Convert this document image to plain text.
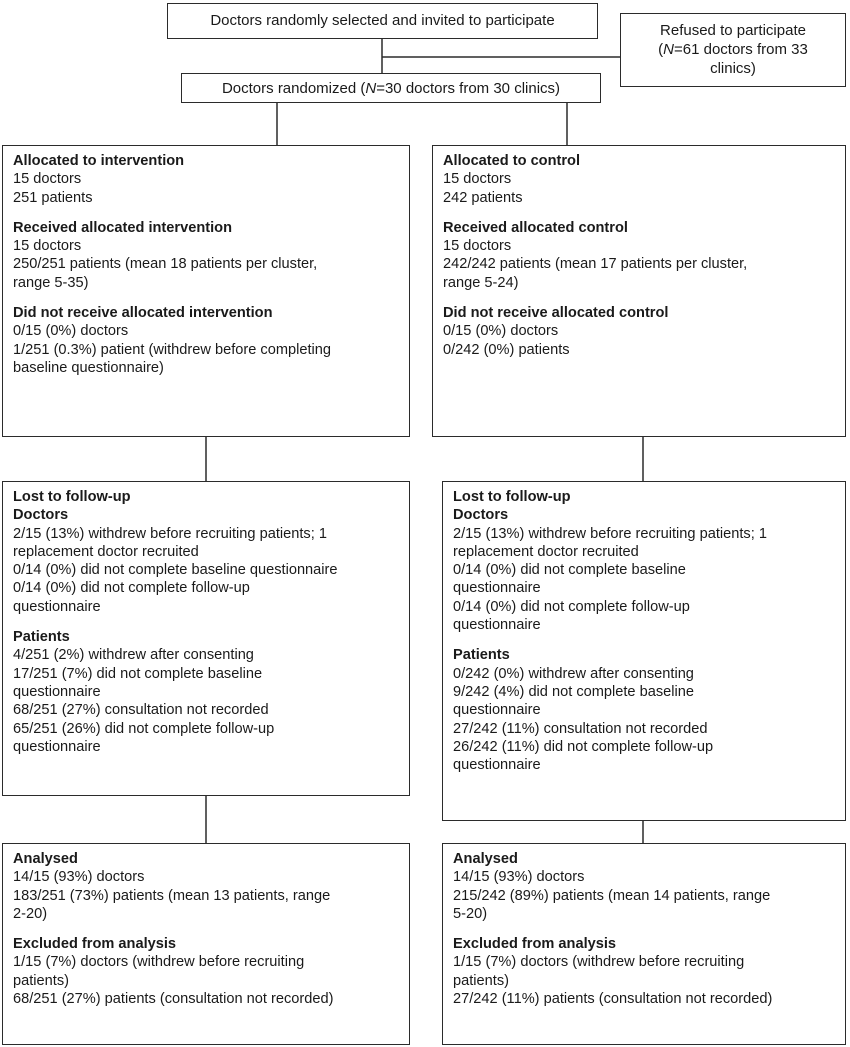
Doctors randomly selected and invited to participate
Refused to participate
(N=61 doctors from 33
clinics)
Doctors randomized (N=30 doctors from 30 clinics)
Allocated to intervention
15 doctors
251 patients
Received allocated intervention
15 doctors
250/251 patients (mean 18 patients per cluster,
range 5-35)
Did not receive allocated intervention
0/15 (0%) doctors
1/251 (0.3%) patient (withdrew before completing
baseline questionnaire)
Allocated to control
15 doctors
242 patients
Received allocated control
15 doctors
242/242 patients (mean 17 patients per cluster,
range 5-24)
Did not receive allocated control
0/15 (0%) doctors
0/242 (0%) patients
Lost to follow-up
Doctors
2/15 (13%) withdrew before recruiting patients; 1
replacement doctor recruited
0/14 (0%) did not complete baseline questionnaire
0/14 (0%) did not complete follow-up
questionnaire
Patients
4/251 (2%) withdrew after consenting
17/251 (7%) did not complete baseline
questionnaire
68/251 (27%) consultation not recorded
65/251 (26%) did not complete follow-up
questionnaire
Lost to follow-up
Doctors
2/15 (13%) withdrew before recruiting patients; 1
replacement doctor recruited
0/14 (0%) did not complete baseline
questionnaire
0/14 (0%) did not complete follow-up
questionnaire
Patients
0/242 (0%) withdrew after consenting
9/242 (4%) did not complete baseline
questionnaire
27/242 (11%) consultation not recorded
26/242 (11%) did not complete follow-up
questionnaire
Analysed
14/15 (93%) doctors
183/251 (73%) patients (mean 13 patients, range
2-20)
Excluded from analysis
1/15 (7%) doctors (withdrew before recruiting
patients)
68/251 (27%) patients (consultation not recorded)
Analysed
14/15 (93%) doctors
215/242 (89%) patients (mean 14 patients, range
5-20)
Excluded from analysis
1/15 (7%) doctors (withdrew before recruiting
patients)
27/242 (11%) patients (consultation not recorded)
